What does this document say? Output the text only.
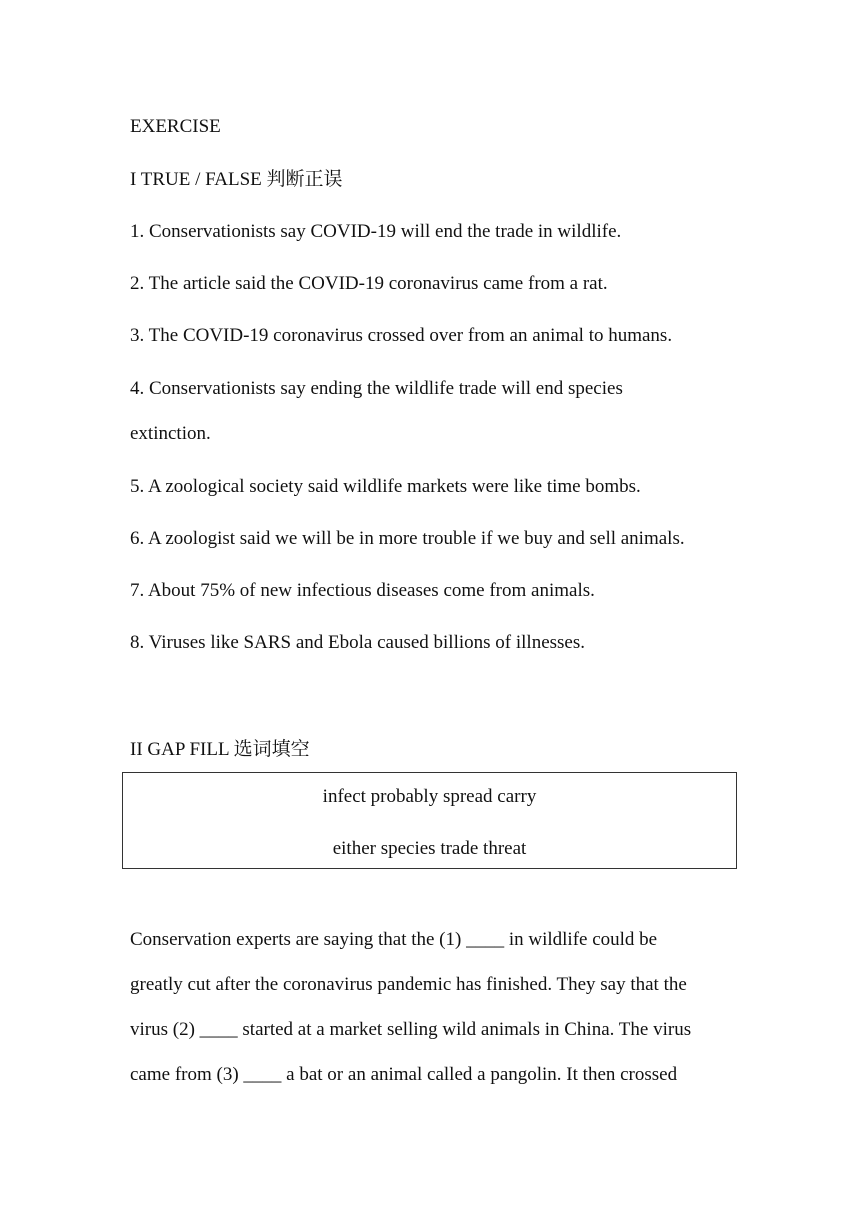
EXERCISE
I TRUE / FALSE 判断正误
1. Conservationists say COVID-19 will end the trade in wildlife.
2. The article said the COVID-19 coronavirus came from a rat.
3. The COVID-19 coronavirus crossed over from an animal to humans.
4. Conservationists say ending the wildlife trade will end species
extinction.
5. A zoological society said wildlife markets were like time bombs.
6. A zoologist said we will be in more trouble if we buy and sell animals.
7. About 75% of new infectious diseases come from animals.
8. Viruses like SARS and Ebola caused billions of illnesses.
II GAP FILL 选词填空
infect probably spread carry
either species trade threat
Conservation experts are saying that the (1) ____ in wildlife could be
greatly cut after the coronavirus pandemic has finished. They say that the
virus (2) ____ started at a market selling wild animals in China. The virus
came from (3) ____ a bat or an animal called a pangolin. It then crossed
